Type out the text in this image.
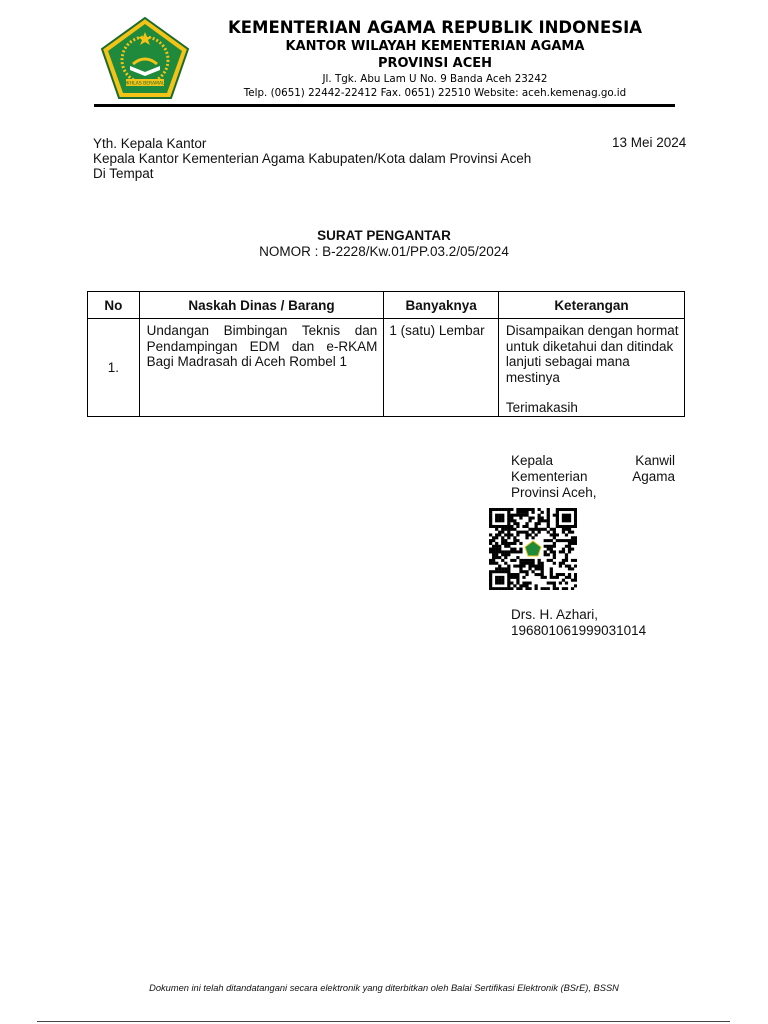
IKHLAS BERAMAL
KEMENTERIAN AGAMA REPUBLIK INDONESIA
KANTOR WILAYAH KEMENTERIAN AGAMA
PROVINSI ACEH
Jl. Tgk. Abu Lam U No. 9 Banda Aceh 23242
Telp. (0651) 22442-22412 Fax. 0651) 22510 Website: aceh.kemenag.go.id
Yth. Kepala Kantor	13 Mei 2024
Kepala Kantor Kementerian Agama Kabupaten/Kota dalam Provinsi Aceh
Di Tempat
SURAT PENGANTAR
NOMOR : B-2228/Kw.01/PP.03.2/05/2024
No	Naskah Dinas / Barang	Banyaknya	Keterangan
1.	Undangan Bimbingan Teknis dan Pendampingan EDM dan e-RKAM Bagi Madrasah di Aceh Rombel 1	1 (satu) Lembar	Disampaikan dengan hormat untuk diketahui dan ditindak lanjuti sebagai mana mestinya
Terimakasih
Kepala Kanwil Kementerian Agama Provinsi Aceh,
Drs. H. Azhari,
196801061999031014
Dokumen ini telah ditandatangani secara elektronik yang diterbitkan oleh Balai Sertifikasi Elektronik (BSrE), BSSN
